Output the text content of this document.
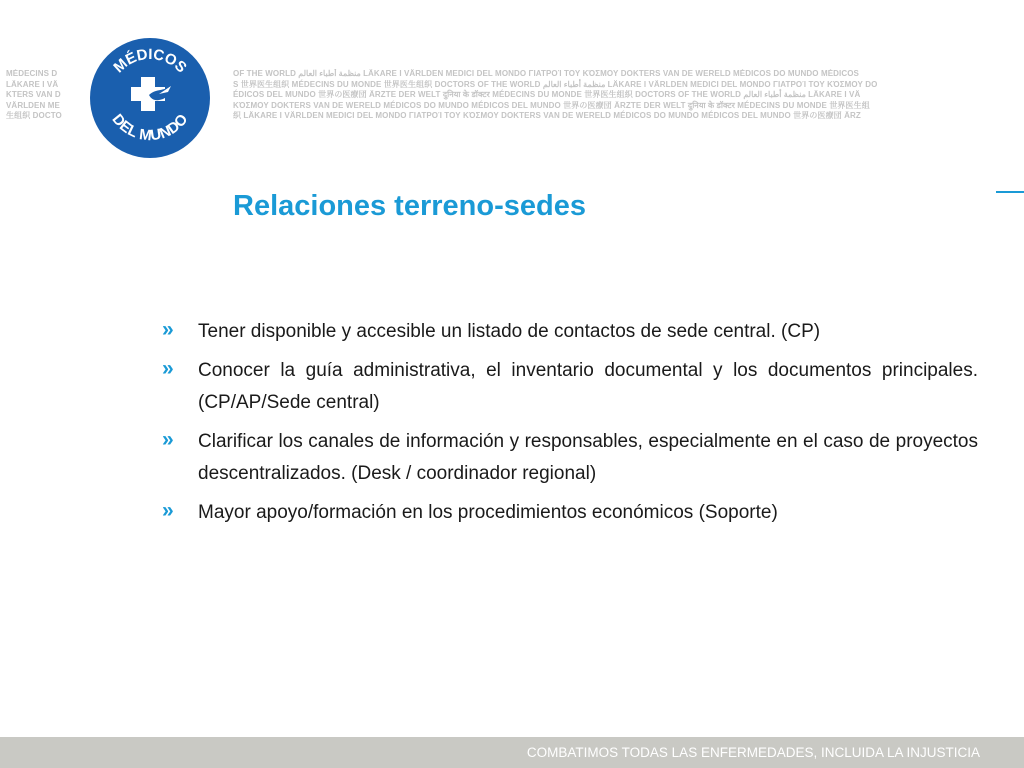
MÉDECINS D
LÄKARE I VÄ
KTERS VAN D
VÄRLDEN ME
生组织 DOCTO
MÉDICOS
DEL MUNDO
OF THE WORLD منظمة أطباء العالم LÄKARE I VÄRLDEN MEDICI DEL MONDO ΓΙΑΤΡΟΊ ΤΟΥ ΚΌΣΜΟΥ DOKTERS VAN DE WERELD MÉDICOS DO MUNDO MÉDICOS
S 世界医生组织 MÉDECINS DU MONDE 世界医生组织 DOCTORS OF THE WORLD منظمة أطباء العالم LÄKARE I VÄRLDEN MEDICI DEL MONDO ΓΙΑΤΡΟΊ ΤΟΥ ΚΌΣΜΟΥ DO
ÉDICOS DEL MUNDO 世界の医療団 ÄRZTE DER WELT दुनिया के डॉक्टर MÉDECINS DU MONDE 世界医生组织 DOCTORS OF THE WORLD منظمة أطباء العالم LÄKARE I VÄ
ΚΌΣΜΟΥ DOKTERS VAN DE WERELD MÉDICOS DO MUNDO MÉDICOS DEL MUNDO 世界の医療団 ÄRZTE DER WELT दुनिया के डॉक्टर MÉDECINS DU MONDE 世界医生组
织 LÄKARE I VÄRLDEN MEDICI DEL MONDO ΓΙΑΤΡΟΊ ΤΟΥ ΚΌΣΜΟΥ DOKTERS VAN DE WERELD MÉDICOS DO MUNDO MÉDICOS DEL MUNDO 世界の医療団 ÄRZ
Relaciones terreno-sedes
» Tener disponible y accesible un listado de contactos de sede central. (CP)
» Conocer la guía administrativa, el inventario documental y los documentos principales. (CP/AP/Sede central)
» Clarificar los canales de información y responsables, especialmente en el caso de proyectos descentralizados. (Desk / coordinador regional)
» Mayor apoyo/formación en los procedimientos económicos (Soporte)
COMBATIMOS TODAS LAS ENFERMEDADES, INCLUIDA LA INJUSTICIA
